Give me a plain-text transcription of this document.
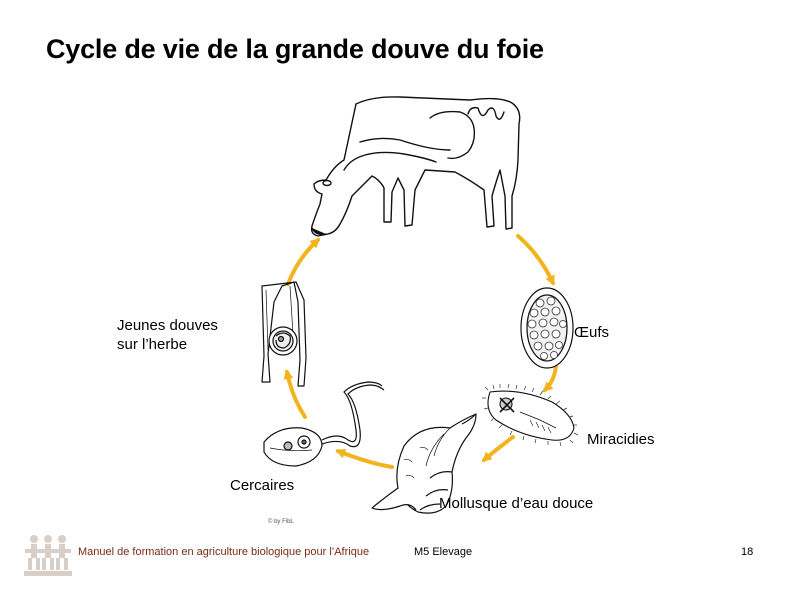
Cycle de vie de la grande douve du foie
Jeunes douves
sur l’herbe
Œufs
Miracidies
Mollusque d’eau douce
Cercaires
© by FibL
Manuel de formation en agriculture biologique pour l’Afrique	M5 Elevage	18
